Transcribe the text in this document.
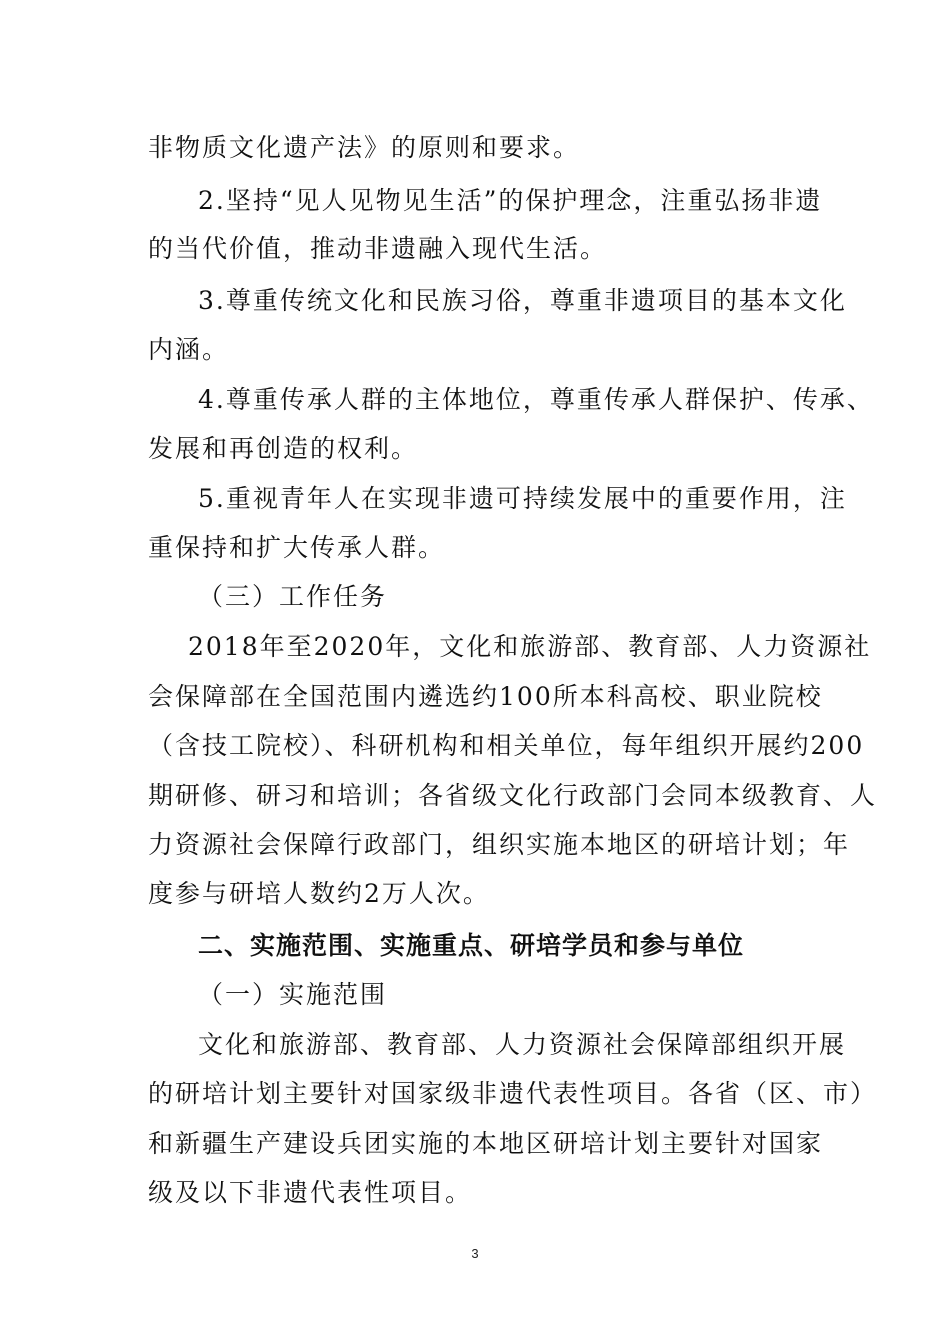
非物质文化遗产法》的原则和要求。
2.坚持“见人见物见生活”的保护理念，注重弘扬非遗
的当代价值，推动非遗融入现代生活。
3.尊重传统文化和民族习俗，尊重非遗项目的基本文化
内涵。
4.尊重传承人群的主体地位，尊重传承人群保护、传承、
发展和再创造的权利。
5.重视青年人在实现非遗可持续发展中的重要作用，注
重保持和扩大传承人群。
（三）工作任务
2018年至2020年，文化和旅游部、教育部、人力资源社
会保障部在全国范围内遴选约100所本科高校、职业院校
（含技工院校）、科研机构和相关单位，每年组织开展约200
期研修、研习和培训；各省级文化行政部门会同本级教育、人
力资源社会保障行政部门，组织实施本地区的研培计划；年
度参与研培人数约2万人次。
二、实施范围、实施重点、研培学员和参与单位
（一）实施范围
文化和旅游部、教育部、人力资源社会保障部组织开展
的研培计划主要针对国家级非遗代表性项目。各省（区、市）
和新疆生产建设兵团实施的本地区研培计划主要针对国家
级及以下非遗代表性项目。
3
